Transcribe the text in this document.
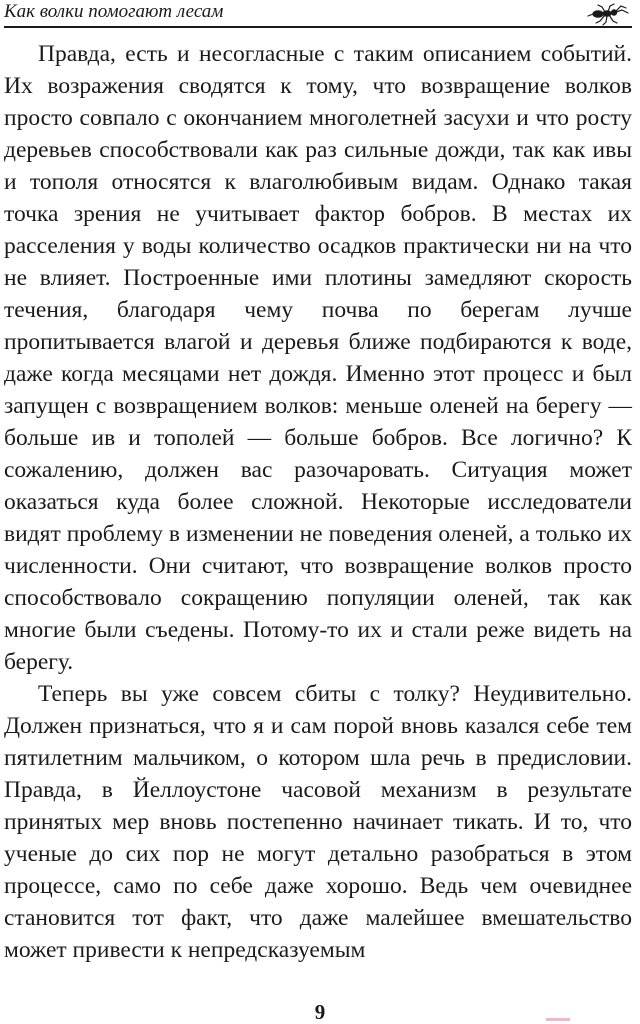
Как волки помогают лесам

Правда, есть и несогласные с таким описанием событий. Их возражения сводятся к тому, что возвращение волков просто совпало с окончанием многолетней засухи и что росту деревьев способствовали как раз сильные дожди, так как ивы и тополя относятся к влаголюбивым видам. Однако такая точка зрения не учитывает фактор бобров. В местах их расселения у воды количество осадков практически ни на что не влияет. Построенные ими плотины замедляют скорость течения, благодаря чему почва по берегам лучше пропитывается влагой и деревья ближе подбираются к воде, даже когда месяцами нет дождя. Именно этот процесс и был запущен с возвращением волков: меньше оленей на берегу — больше ив и тополей — больше бобров. Все логично? К сожалению, должен вас разочаровать. Ситуация может оказаться куда более сложной. Некоторые исследователи видят проблему в изменении не поведения оленей, а только их численности. Они считают, что возвращение волков просто способствовало сокращению популяции оленей, так как многие были съедены. Потому-то их и стали реже видеть на берегу.

Теперь вы уже совсем сбиты с толку? Неудивительно. Должен признаться, что я и сам порой вновь казался себе тем пятилетним мальчиком, о котором шла речь в предисловии. Правда, в Йеллоустоне часовой механизм в результате принятых мер вновь постепенно начинает тикать. И то, что ученые до сих пор не могут детально разобраться в этом процессе, само по себе даже хорошо. Ведь чем очевиднее становится тот факт, что даже малейшее вмешательство может привести к непредсказуемым

9
